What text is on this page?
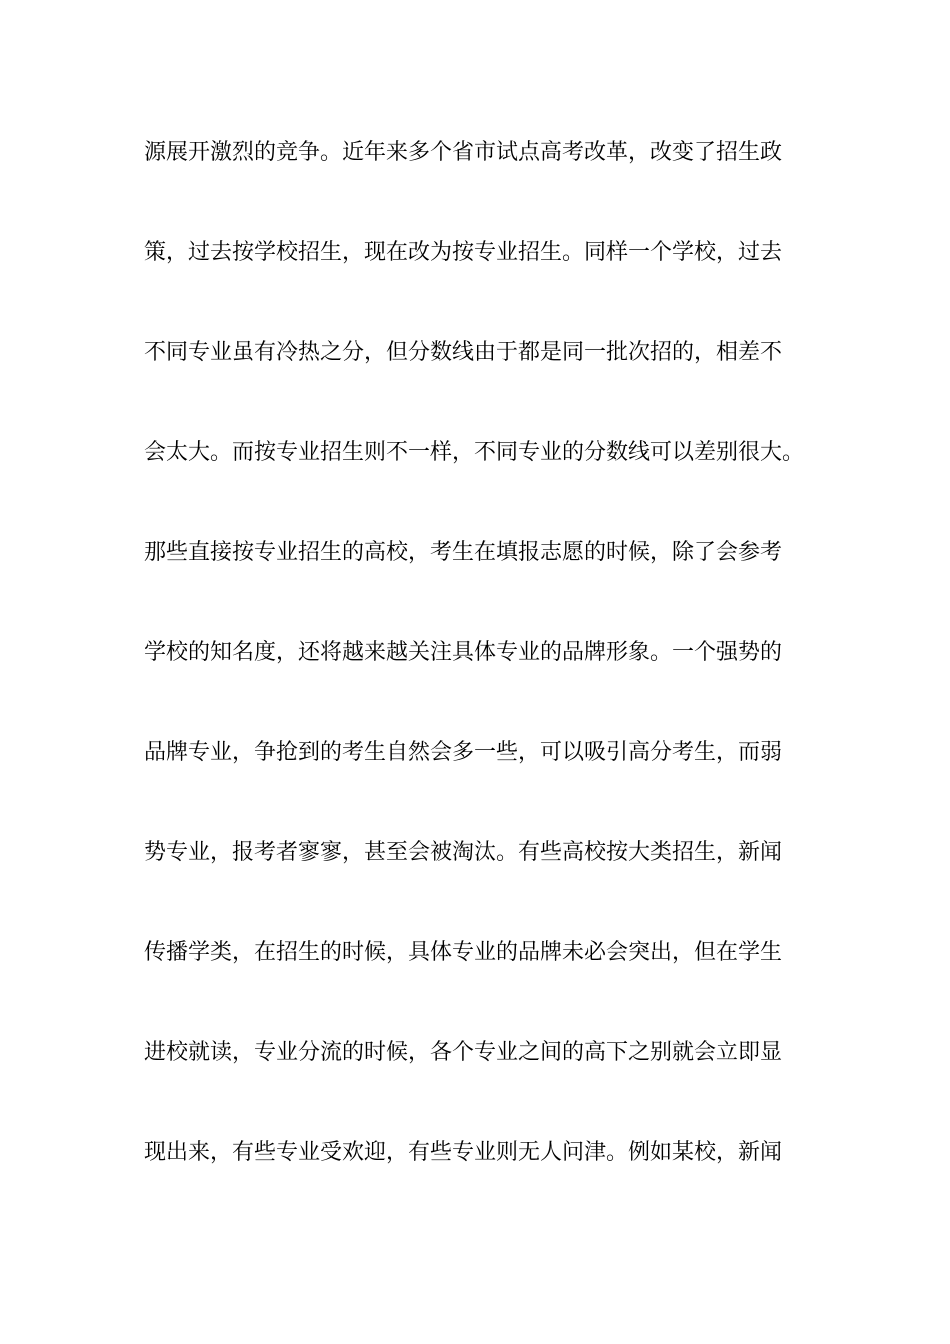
源展开激烈的竞争。近年来多个省市试点高考改革，改变了招生政
策，过去按学校招生，现在改为按专业招生。同样一个学校，过去
不同专业虽有冷热之分，但分数线由于都是同一批次招的，相差不
会太大。而按专业招生则不一样，不同专业的分数线可以差别很大。
那些直接按专业招生的高校，考生在填报志愿的时候，除了会参考
学校的知名度，还将越来越关注具体专业的品牌形象。一个强势的
品牌专业，争抢到的考生自然会多一些，可以吸引高分考生，而弱
势专业，报考者寥寥，甚至会被淘汰。有些高校按大类招生，新闻
传播学类，在招生的时候，具体专业的品牌未必会突出，但在学生
进校就读，专业分流的时候，各个专业之间的高下之别就会立即显
现出来，有些专业受欢迎，有些专业则无人问津。例如某校，新闻
